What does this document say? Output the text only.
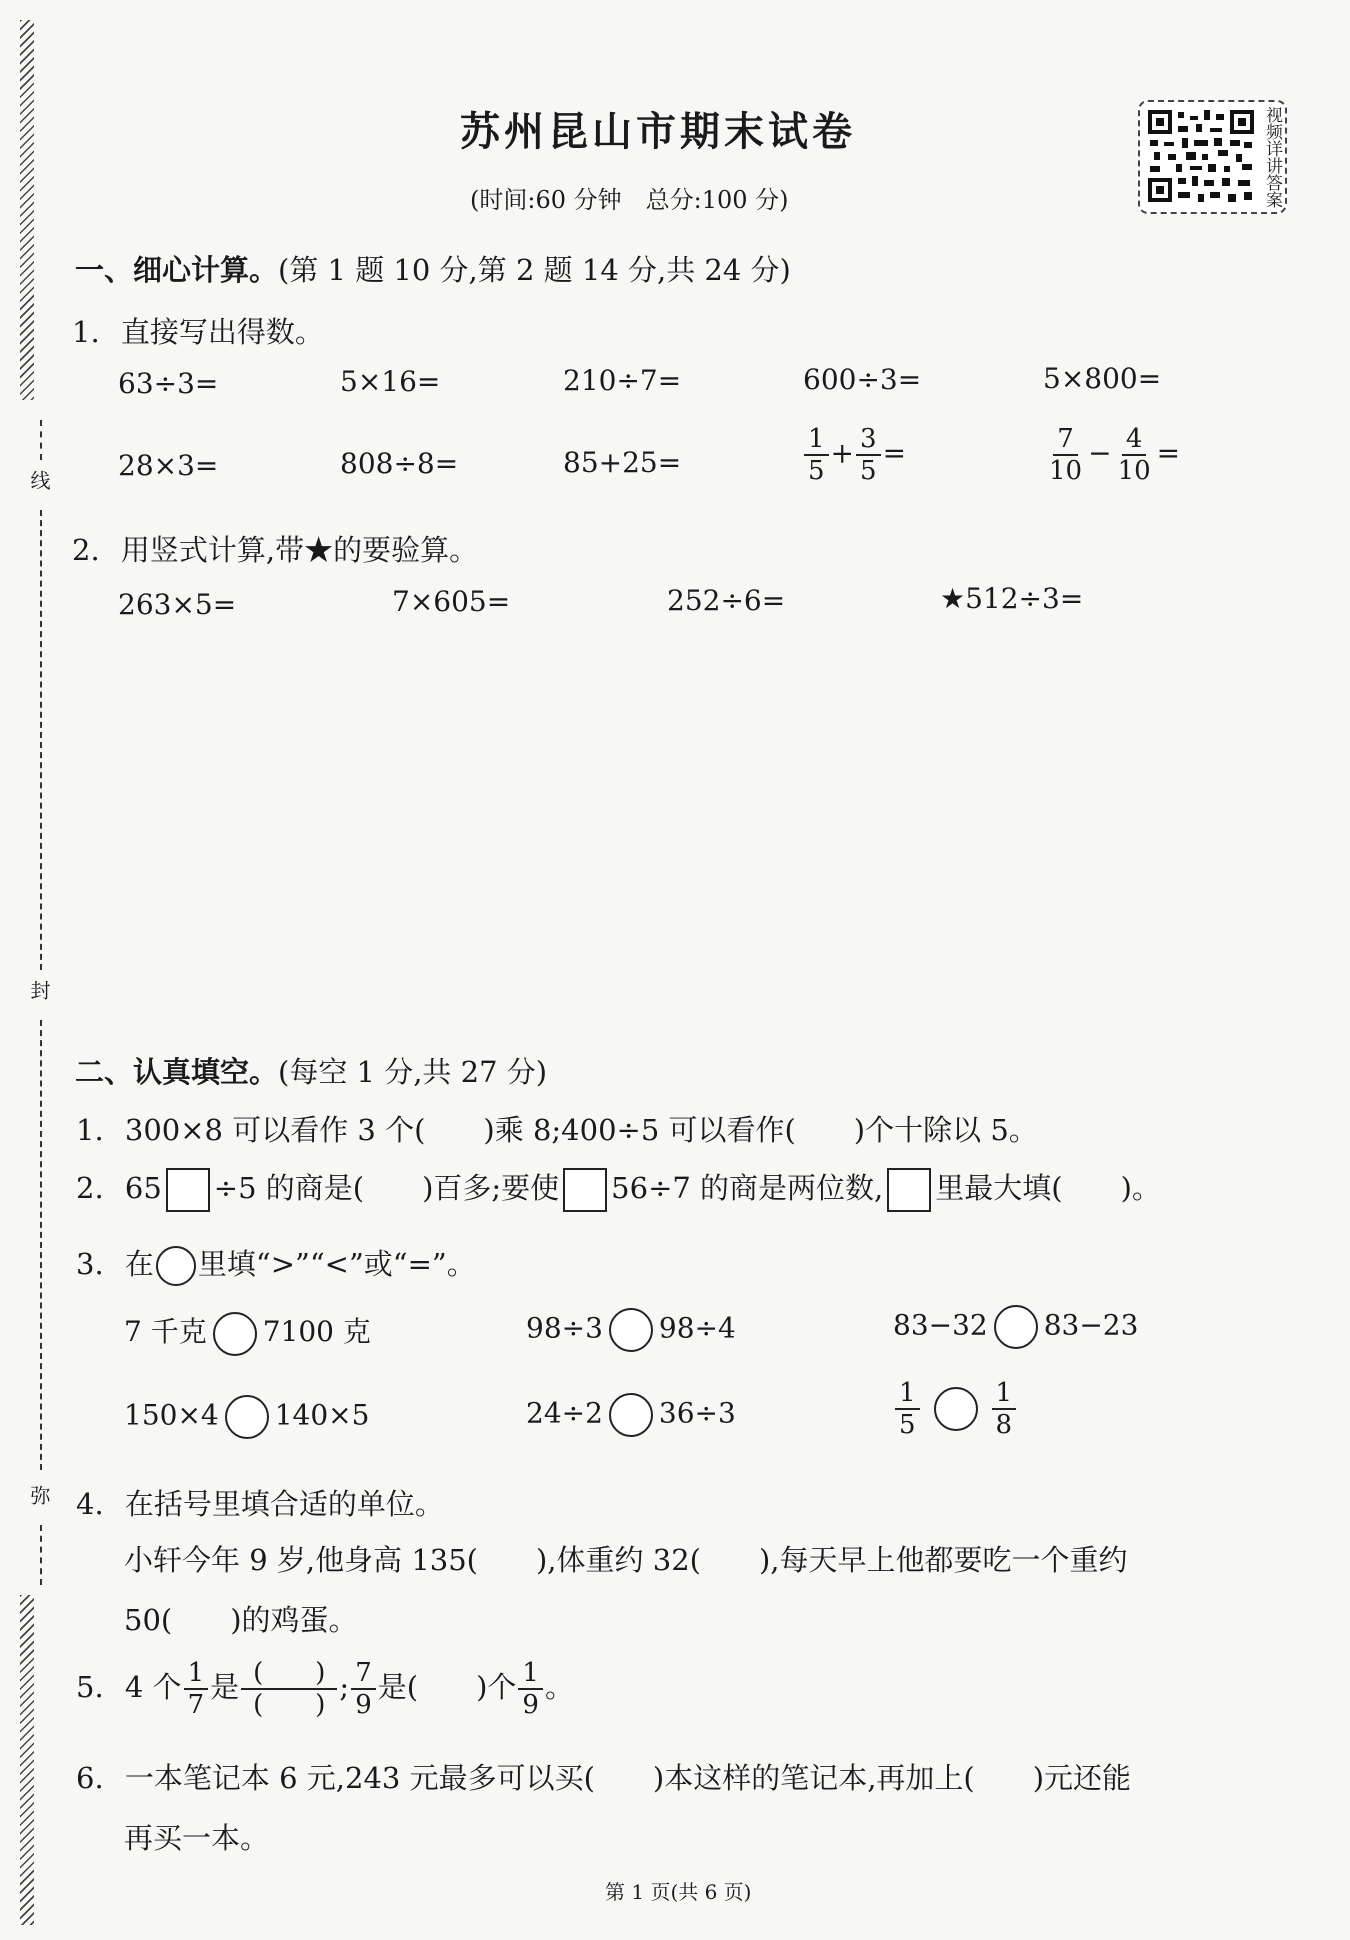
线
封
弥
视频详讲答案
苏州昆山市期末试卷
(时间:60 分钟　总分:100 分)
一、细心计算。(第 1 题 10 分,第 2 题 14 分,共 24 分)
1. 直接写出得数。
63÷3=	5×16=	210÷7=	600÷3=	5×800=
28×3=	808÷8=	85+25=	$\frac{1}{5} + \frac{3}{5}$ =	$\frac{7}{10} - \frac{4}{10}$ =
2. 用竖式计算,带★的要验算。
263×5=	7×605=	252÷6=	★512÷3=
二、认真填空。(每空 1 分,共 27 分)
1. 300×8 可以看作 3 个(　　)乘 8;400÷5 可以看作(　　)个十除以 5。
2. 65 ÷5 的商是(　　)百多;要使 56÷7 的商是两位数, 里最大填(　　)。
3. 在 里填“>”“<”或“=”。
7 千克 7100 克	98÷3 98÷4	83−32 83−23
150×4 140×5	24÷2 36÷3	$\frac{1}{5}$	$\frac{1}{8}$
4. 在括号里填合适的单位。
小轩今年 9 岁,他身高 135(　　),体重约 32(　　),每天早上他都要吃一个重约
50(　　)的鸡蛋。
5. 4 个 $\frac{1}{7}$ 是 $\frac{( )}{( )}$ ; $\frac{7}{9}$ 是(　　)个 $\frac{1}{9}$ 。
6. 一本笔记本 6 元,243 元最多可以买(　　)本这样的笔记本,再加上(　　)元还能
再买一本。
第 1 页(共 6 页)
